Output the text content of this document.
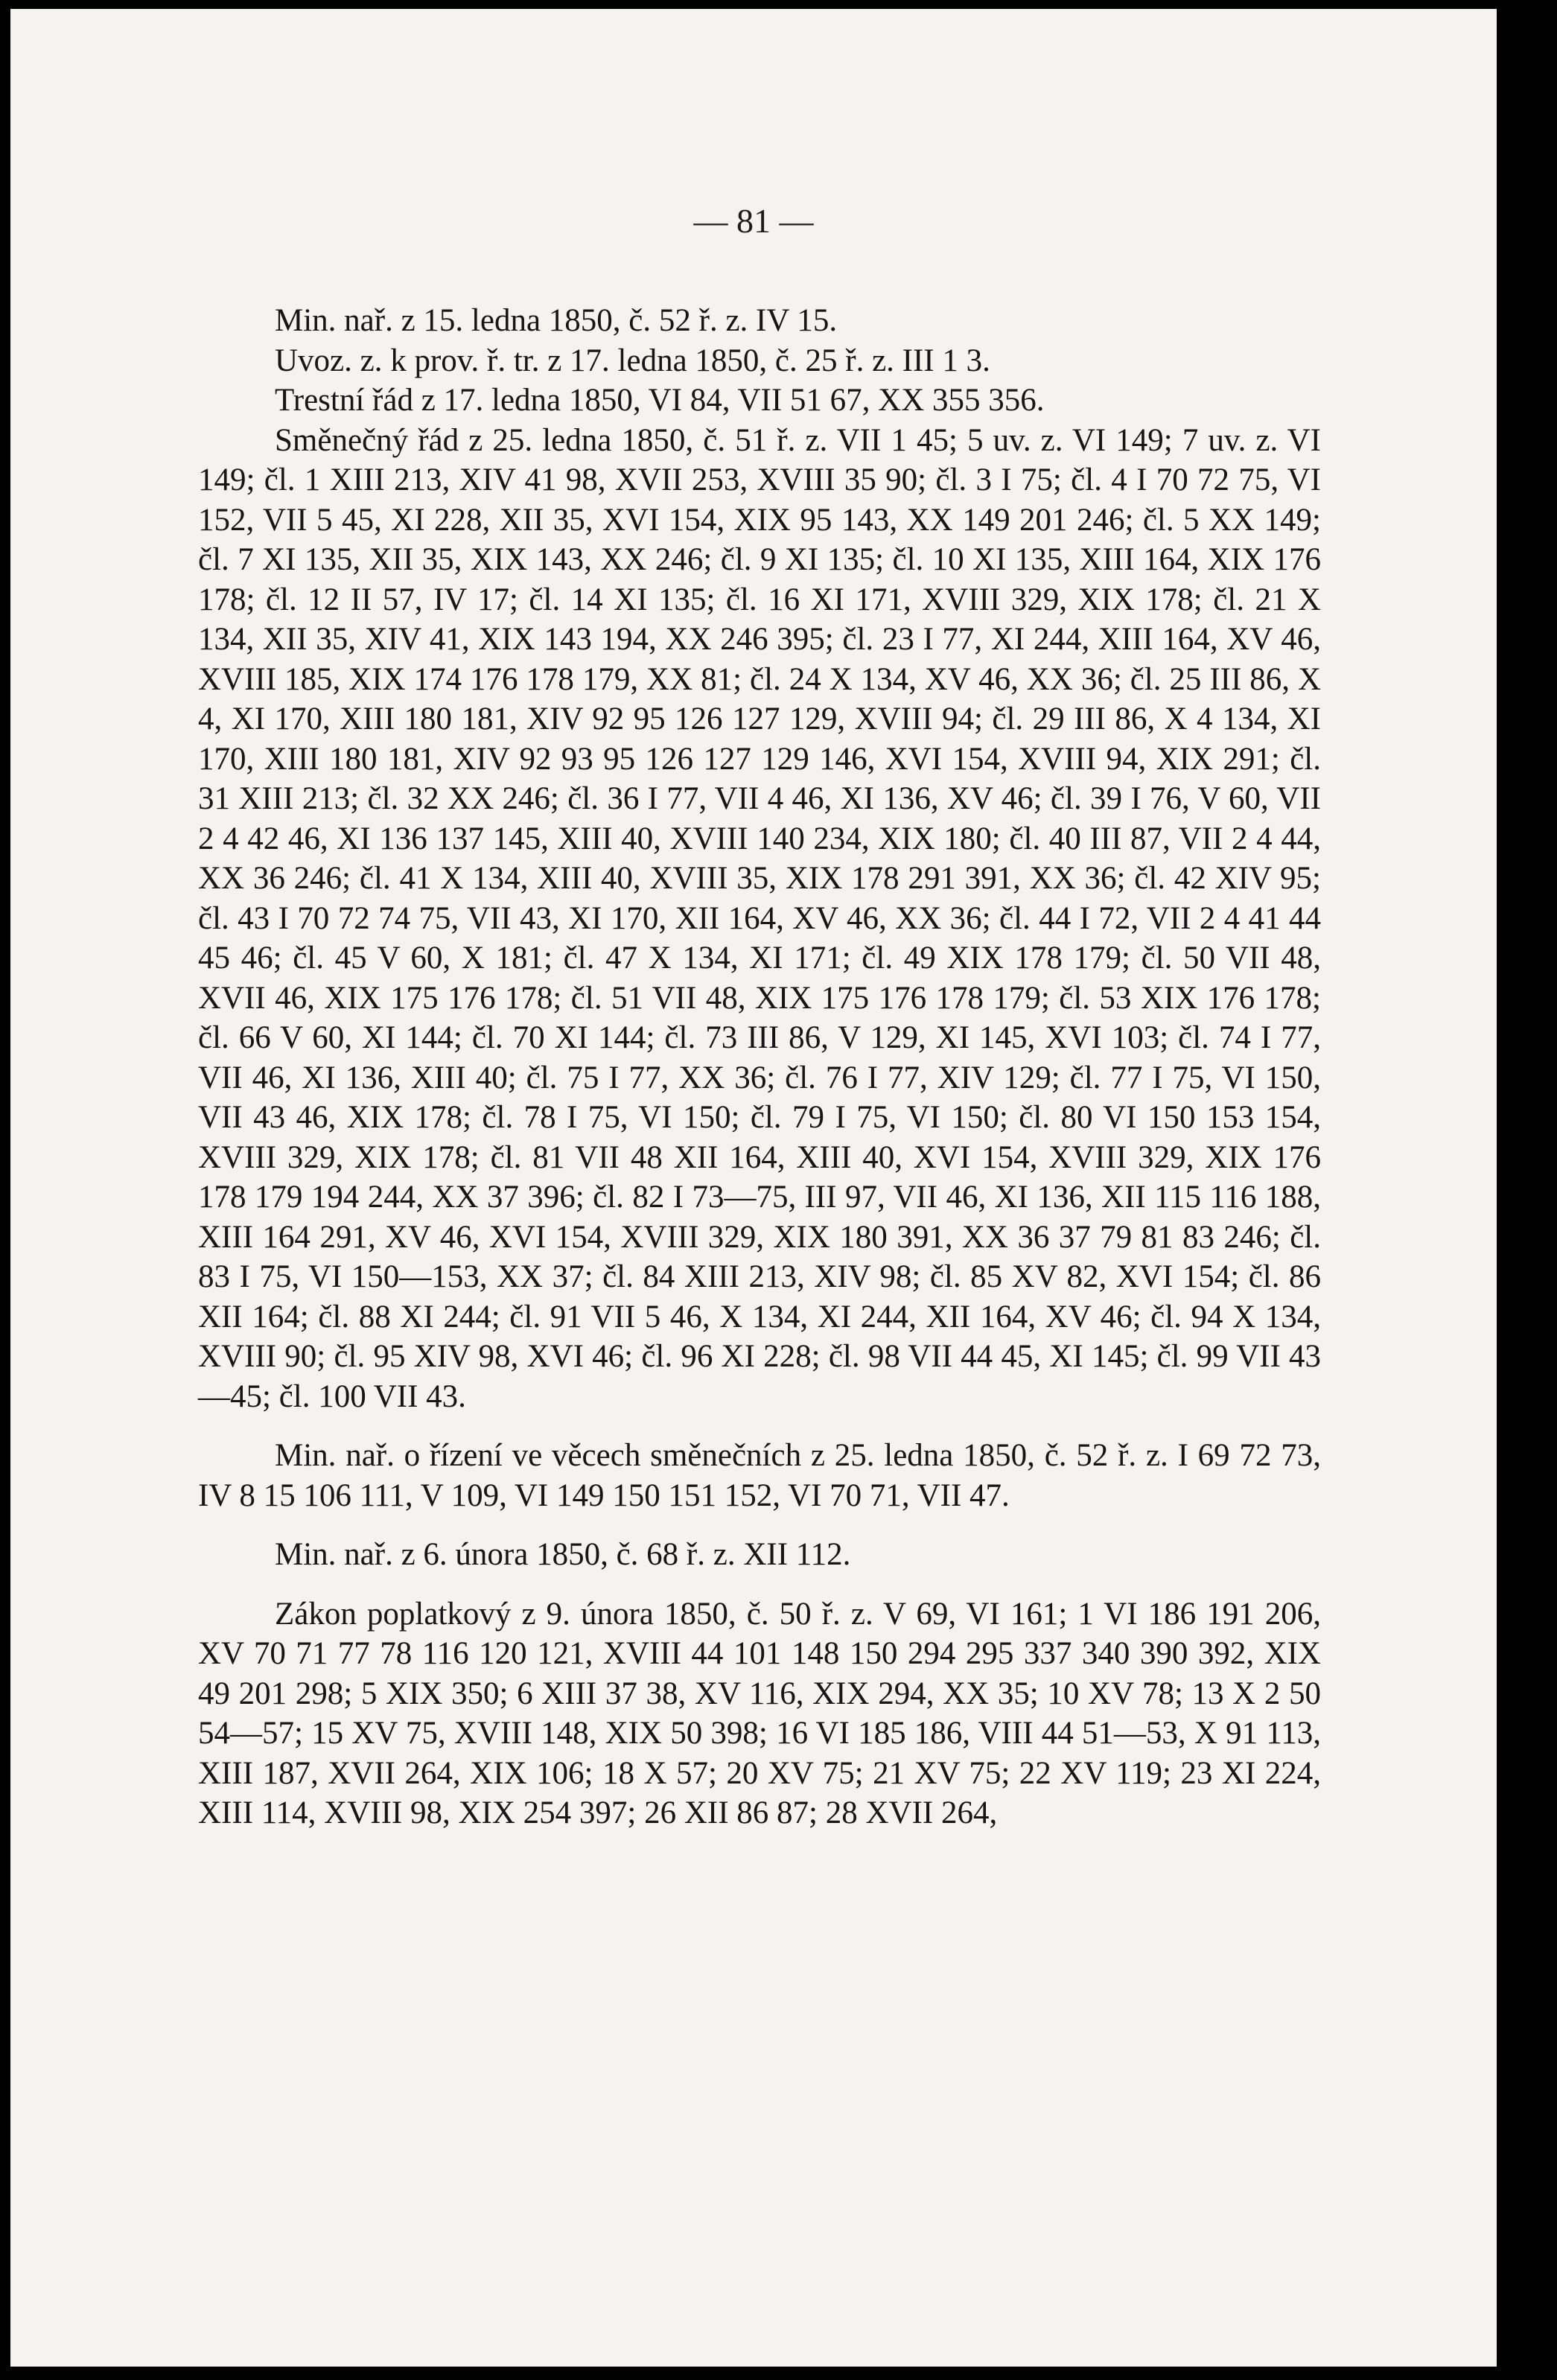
— 81 —

Min. nař. z 15. ledna 1850, č. 52 ř. z. IV 15.

Uvoz. z. k prov. ř. tr. z 17. ledna 1850, č. 25 ř. z. III 1 3.

Trestní řád z 17. ledna 1850, VI 84, VII 51 67, XX 355 356.

Směnečný řád z 25. ledna 1850, č. 51 ř. z. VII 1 45; 5 uv. z. VI 149; 7 uv. z. VI 149; čl. 1 XIII 213, XIV 41 98, XVII 253, XVIII 35 90; čl. 3 I 75; čl. 4 I 70 72 75, VI 152, VII 5 45, XI 228, XII 35, XVI 154, XIX 95 143, XX 149 201 246; čl. 5 XX 149; čl. 7 XI 135, XII 35, XIX 143, XX 246; čl. 9 XI 135; čl. 10 XI 135, XIII 164, XIX 176 178; čl. 12 II 57, IV 17; čl. 14 XI 135; čl. 16 XI 171, XVIII 329, XIX 178; čl. 21 X 134, XII 35, XIV 41, XIX 143 194, XX 246 395; čl. 23 I 77, XI 244, XIII 164, XV 46, XVIII 185, XIX 174 176 178 179, XX 81; čl. 24 X 134, XV 46, XX 36; čl. 25 III 86, X 4, XI 170, XIII 180 181, XIV 92 95 126 127 129, XVIII 94; čl. 29 III 86, X 4 134, XI 170, XIII 180 181, XIV 92 93 95 126 127 129 146, XVI 154, XVIII 94, XIX 291; čl. 31 XIII 213; čl. 32 XX 246; čl. 36 I 77, VII 4 46, XI 136, XV 46; čl. 39 I 76, V 60, VII 2 4 42 46, XI 136 137 145, XIII 40, XVIII 140 234, XIX 180; čl. 40 III 87, VII 2 4 44, XX 36 246; čl. 41 X 134, XIII 40, XVIII 35, XIX 178 291 391, XX 36; čl. 42 XIV 95; čl. 43 I 70 72 74 75, VII 43, XI 170, XII 164, XV 46, XX 36; čl. 44 I 72, VII 2 4 41 44 45 46; čl. 45 V 60, X 181; čl. 47 X 134, XI 171; čl. 49 XIX 178 179; čl. 50 VII 48, XVII 46, XIX 175 176 178; čl. 51 VII 48, XIX 175 176 178 179; čl. 53 XIX 176 178; čl. 66 V 60, XI 144; čl. 70 XI 144; čl. 73 III 86, V 129, XI 145, XVI 103; čl. 74 I 77, VII 46, XI 136, XIII 40; čl. 75 I 77, XX 36; čl. 76 I 77, XIV 129; čl. 77 I 75, VI 150, VII 43 46, XIX 178; čl. 78 I 75, VI 150; čl. 79 I 75, VI 150; čl. 80 VI 150 153 154, XVIII 329, XIX 178; čl. 81 VII 48 XII 164, XIII 40, XVI 154, XVIII 329, XIX 176 178 179 194 244, XX 37 396; čl. 82 I 73—75, III 97, VII 46, XI 136, XII 115 116 188, XIII 164 291, XV 46, XVI 154, XVIII 329, XIX 180 391, XX 36 37 79 81 83 246; čl. 83 I 75, VI 150—153, XX 37; čl. 84 XIII 213, XIV 98; čl. 85 XV 82, XVI 154; čl. 86 XII 164; čl. 88 XI 244; čl. 91 VII 5 46, X 134, XI 244, XII 164, XV 46; čl. 94 X 134, XVIII 90; čl. 95 XIV 98, XVI 46; čl. 96 XI 228; čl. 98 VII 44 45, XI 145; čl. 99 VII 43—45; čl. 100 VII 43.

Min. nař. o řízení ve věcech směnečních z 25. ledna 1850, č. 52 ř. z. I 69 72 73, IV 8 15 106 111, V 109, VI 149 150 151 152, VI 70 71, VII 47.

Min. nař. z 6. února 1850, č. 68 ř. z. XII 112.

Zákon poplatkový z 9. února 1850, č. 50 ř. z. V 69, VI 161; 1 VI 186 191 206, XV 70 71 77 78 116 120 121, XVIII 44 101 148 150 294 295 337 340 390 392, XIX 49 201 298; 5 XIX 350; 6 XIII 37 38, XV 116, XIX 294, XX 35; 10 XV 78; 13 X 2 50 54—57; 15 XV 75, XVIII 148, XIX 50 398; 16 VI 185 186, VIII 44 51—53, X 91 113, XIII 187, XVII 264, XIX 106; 18 X 57; 20 XV 75; 21 XV 75; 22 XV 119; 23 XI 224, XIII 114, XVIII 98, XIX 254 397; 26 XII 86 87; 28 XVII 264,
